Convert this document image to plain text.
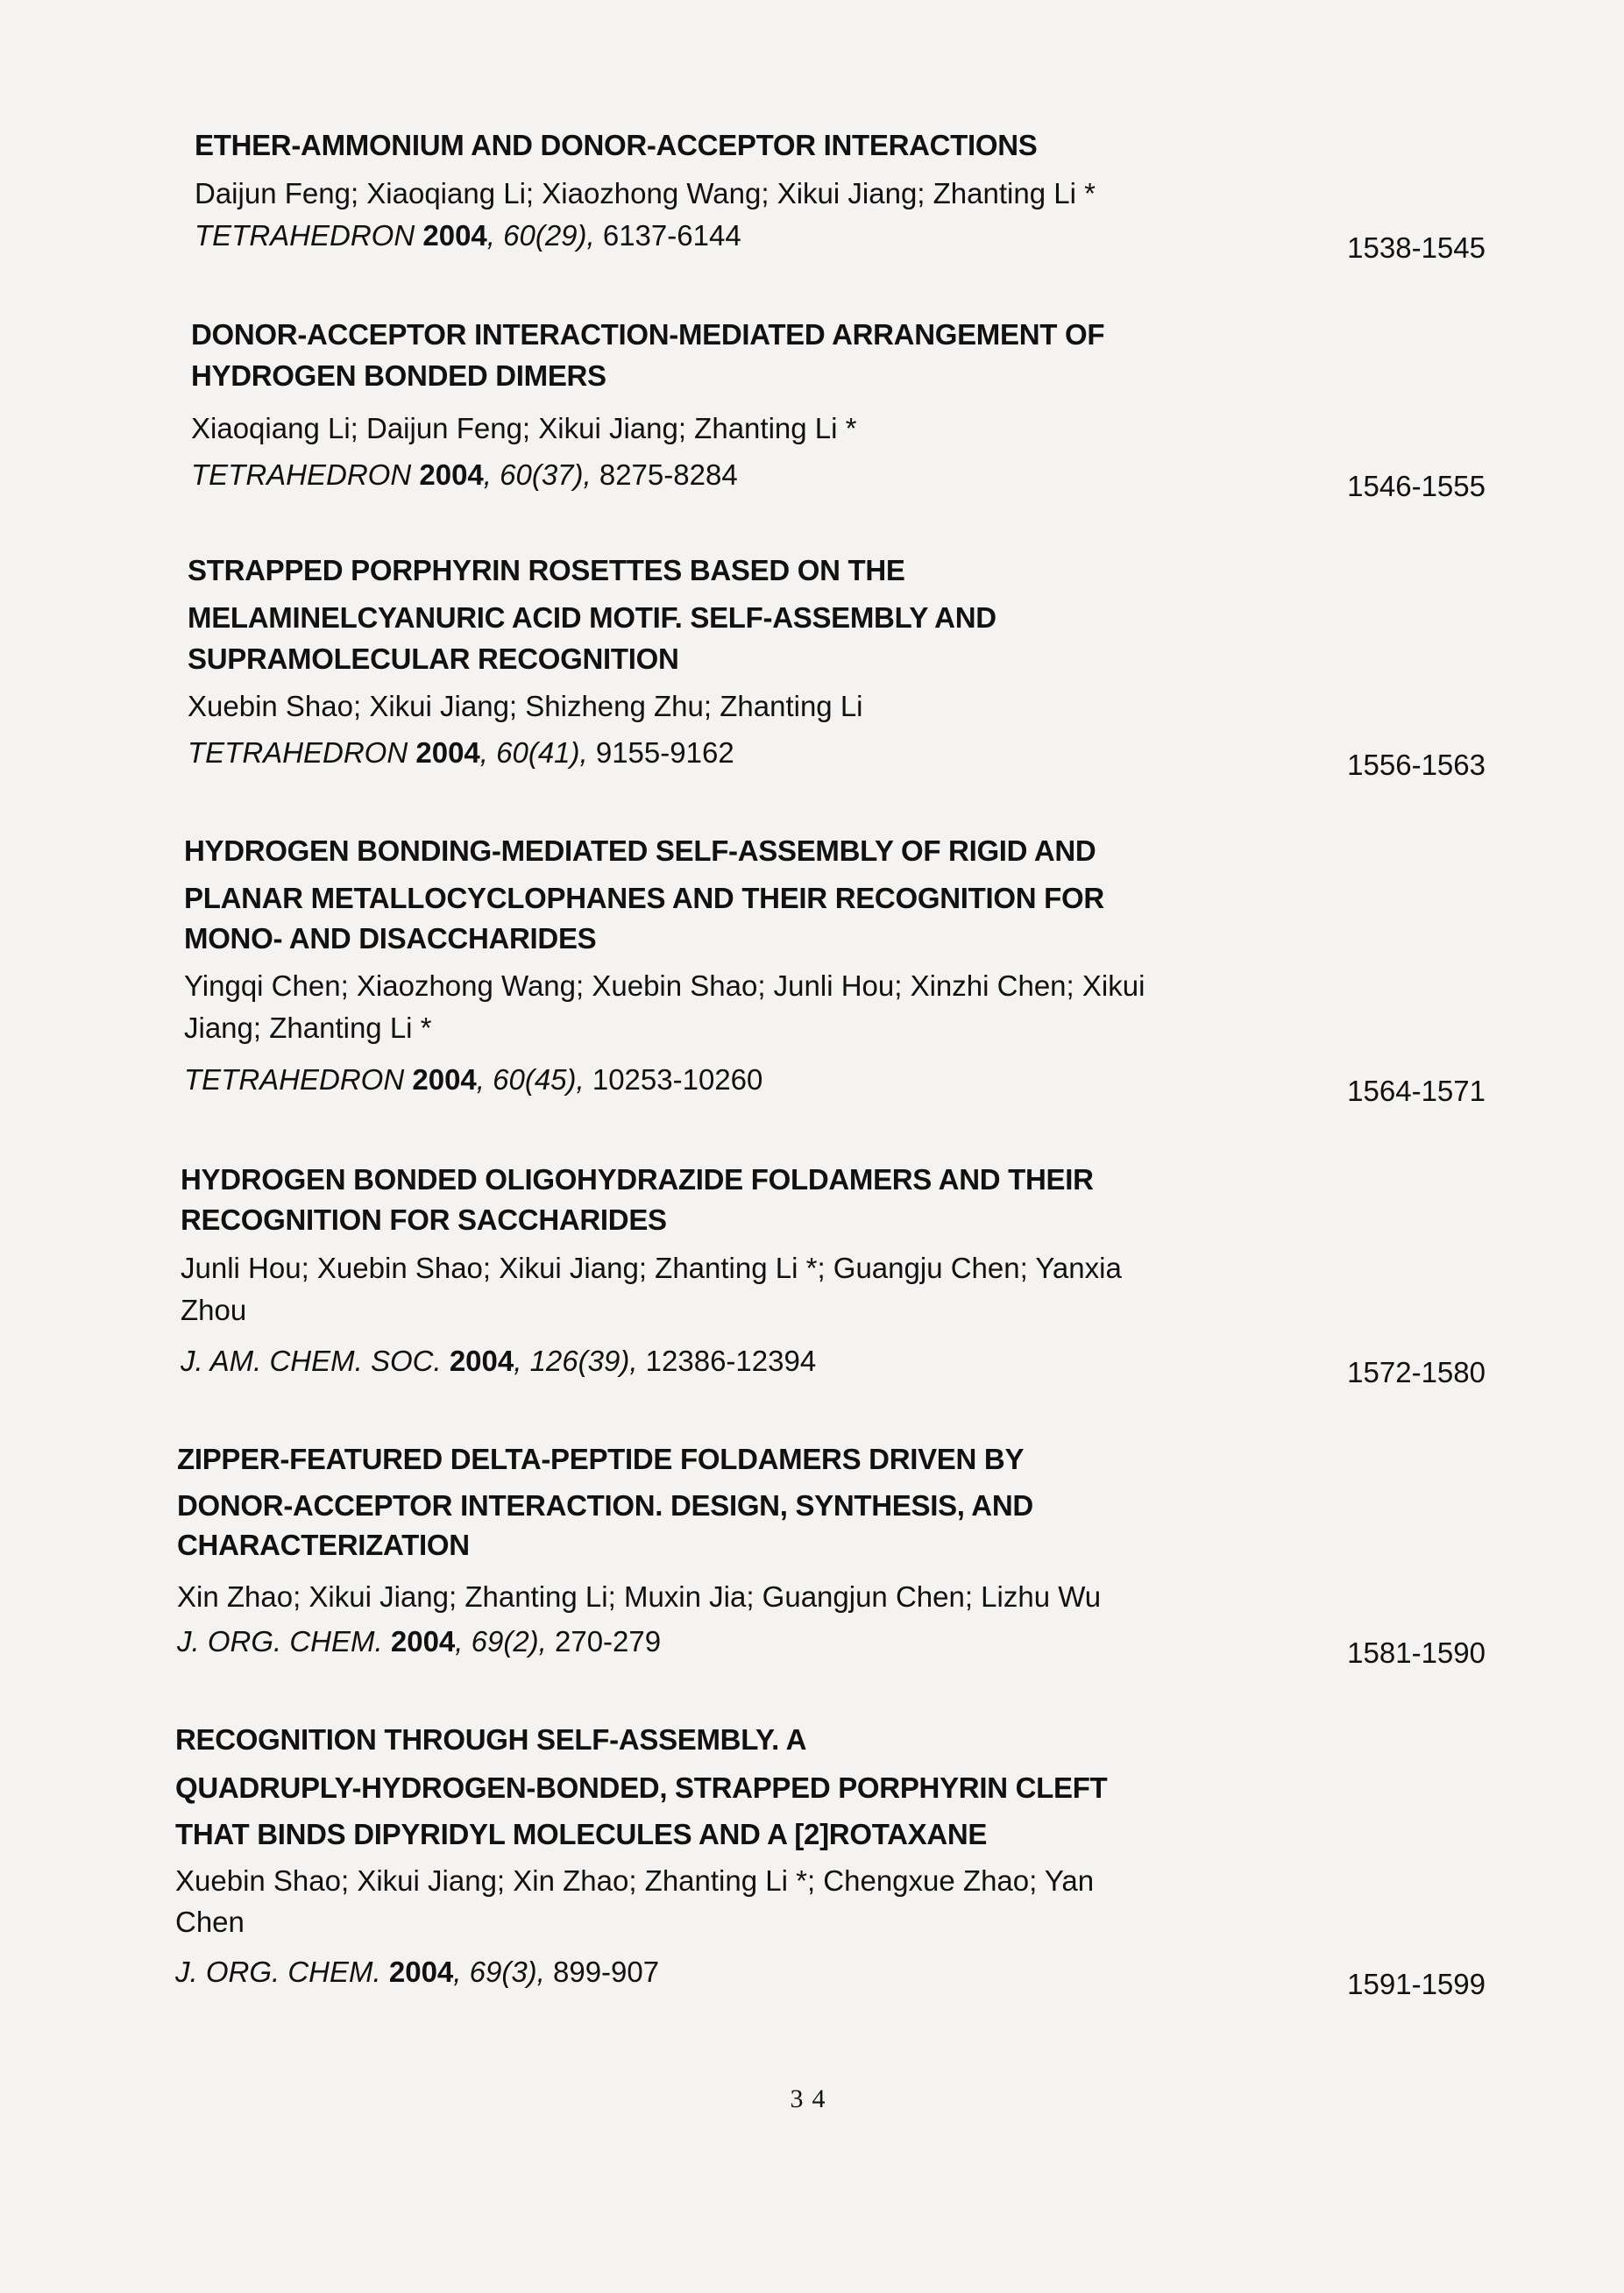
ETHER-AMMONIUM AND DONOR-ACCEPTOR INTERACTIONS
Daijun Feng; Xiaoqiang Li; Xiaozhong Wang; Xikui Jiang; Zhanting Li *
TETRAHEDRON 2004, 60(29), 6137-6144	1538-1545
DONOR-ACCEPTOR INTERACTION-MEDIATED ARRANGEMENT OF
HYDROGEN BONDED DIMERS
Xiaoqiang Li; Daijun Feng; Xikui Jiang; Zhanting Li *
TETRAHEDRON 2004, 60(37), 8275-8284	1546-1555
STRAPPED PORPHYRIN ROSETTES BASED ON THE
MELAMINELCYANURIC ACID MOTIF. SELF-ASSEMBLY AND
SUPRAMOLECULAR RECOGNITION
Xuebin Shao; Xikui Jiang; Shizheng Zhu; Zhanting Li
TETRAHEDRON 2004, 60(41), 9155-9162	1556-1563
HYDROGEN BONDING-MEDIATED SELF-ASSEMBLY OF RIGID AND
PLANAR METALLOCYCLOPHANES AND THEIR RECOGNITION FOR
MONO- AND DISACCHARIDES
Yingqi Chen; Xiaozhong Wang; Xuebin Shao; Junli Hou; Xinzhi Chen; Xikui
Jiang; Zhanting Li *
TETRAHEDRON 2004, 60(45), 10253-10260	1564-1571
HYDROGEN BONDED OLIGOHYDRAZIDE FOLDAMERS AND THEIR
RECOGNITION FOR SACCHARIDES
Junli Hou; Xuebin Shao; Xikui Jiang; Zhanting Li *; Guangju Chen; Yanxia
Zhou
J. AM. CHEM. SOC. 2004, 126(39), 12386-12394	1572-1580
ZIPPER-FEATURED DELTA-PEPTIDE FOLDAMERS DRIVEN BY
DONOR-ACCEPTOR INTERACTION. DESIGN, SYNTHESIS, AND
CHARACTERIZATION
Xin Zhao; Xikui Jiang; Zhanting Li; Muxin Jia; Guangjun Chen; Lizhu Wu
J. ORG. CHEM. 2004, 69(2), 270-279	1581-1590
RECOGNITION THROUGH SELF-ASSEMBLY. A
QUADRUPLY-HYDROGEN-BONDED, STRAPPED PORPHYRIN CLEFT
THAT BINDS DIPYRIDYL MOLECULES AND A [2]ROTAXANE
Xuebin Shao; Xikui Jiang; Xin Zhao; Zhanting Li *; Chengxue Zhao; Yan
Chen
J. ORG. CHEM. 2004, 69(3), 899-907	1591-1599
34
